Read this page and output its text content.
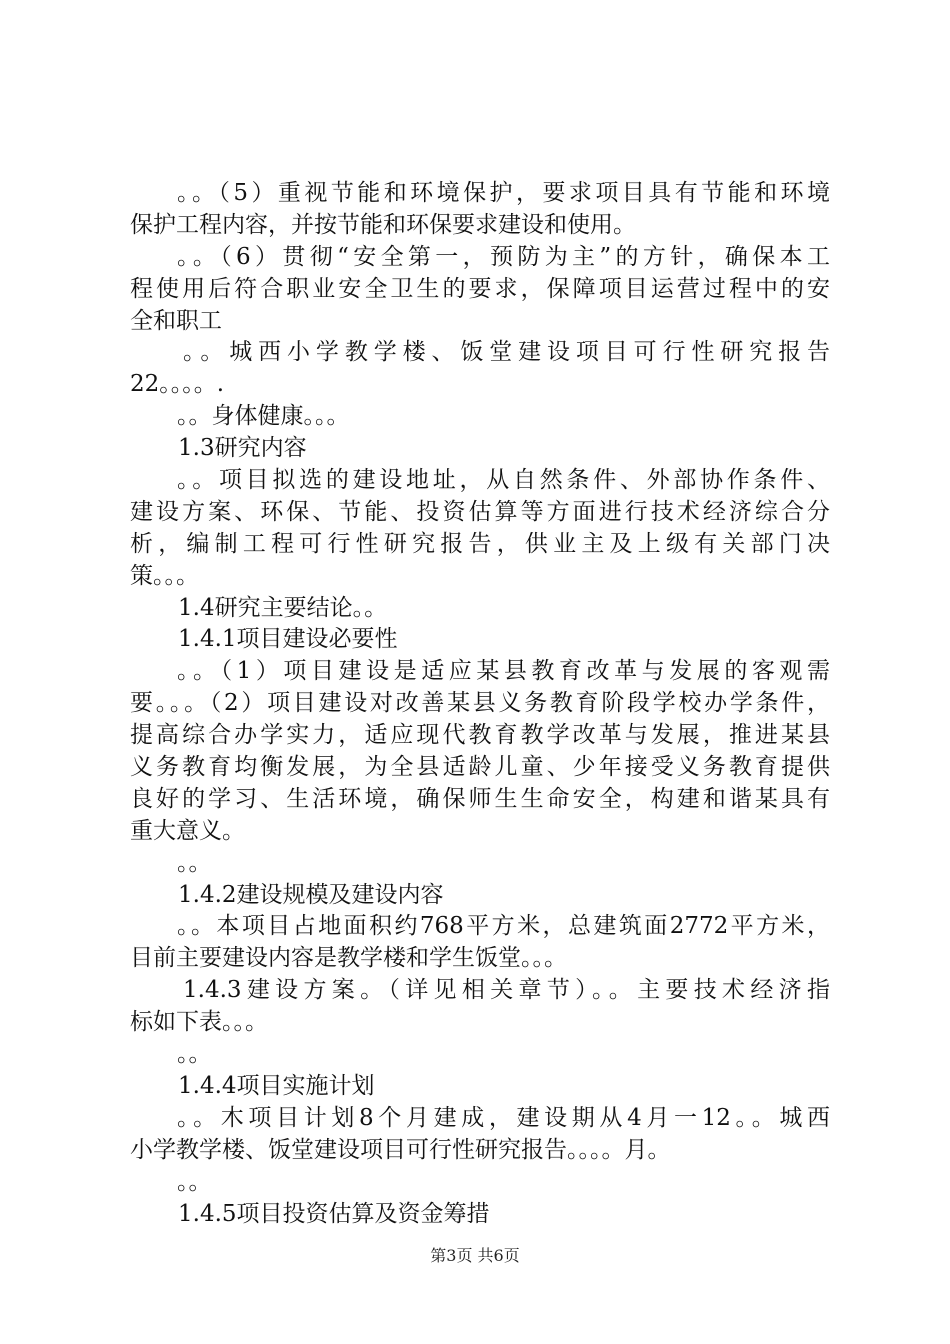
。。（5）重视节能和环境保护，要求项目具有节能和环境
保护工程内容，并按节能和环保要求建设和使用。
。。（6）贯彻“安全第一，预防为主”的方针，确保本工
程使用后符合职业安全卫生的要求，保障项目运营过程中的安
全和职工
。。城西小学教学楼、饭堂建设项目可行性研究报告
22。。。。.
。。身体健康。。。
1.3研究内容
。。项目拟选的建设地址，从自然条件、外部协作条件、
建设方案、环保、节能、投资估算等方面进行技术经济综合分
析，编制工程可行性研究报告，供业主及上级有关部门决
策。。。
1.4研究主要结论。。
1.4.1项目建设必要性
。。（1）项目建设是适应某县教育改革与发展的客观需
要。。。（2）项目建设对改善某县义务教育阶段学校办学条件，
提高综合办学实力，适应现代教育教学改革与发展，推进某县
义务教育均衡发展，为全县适龄儿童、少年接受义务教育提供
良好的学习、生活环境，确保师生生命安全，构建和谐某具有
重大意义。
。。
1.4.2建设规模及建设内容
。。本项目占地面积约768平方米，总建筑面2772平方米，
目前主要建设内容是教学楼和学生饭堂。。。
1.4.3建设方案。（详见相关章节）。。主要技术经济指
标如下表。。。
。。
1.4.4项目实施计划
。。木项目计划8个月建成，建设期从4月一12。。城西
小学教学楼、饭堂建设项目可行性研究报告。。。。月。
。。
1.4.5项目投资估算及资金筹措
第3页 共6页
